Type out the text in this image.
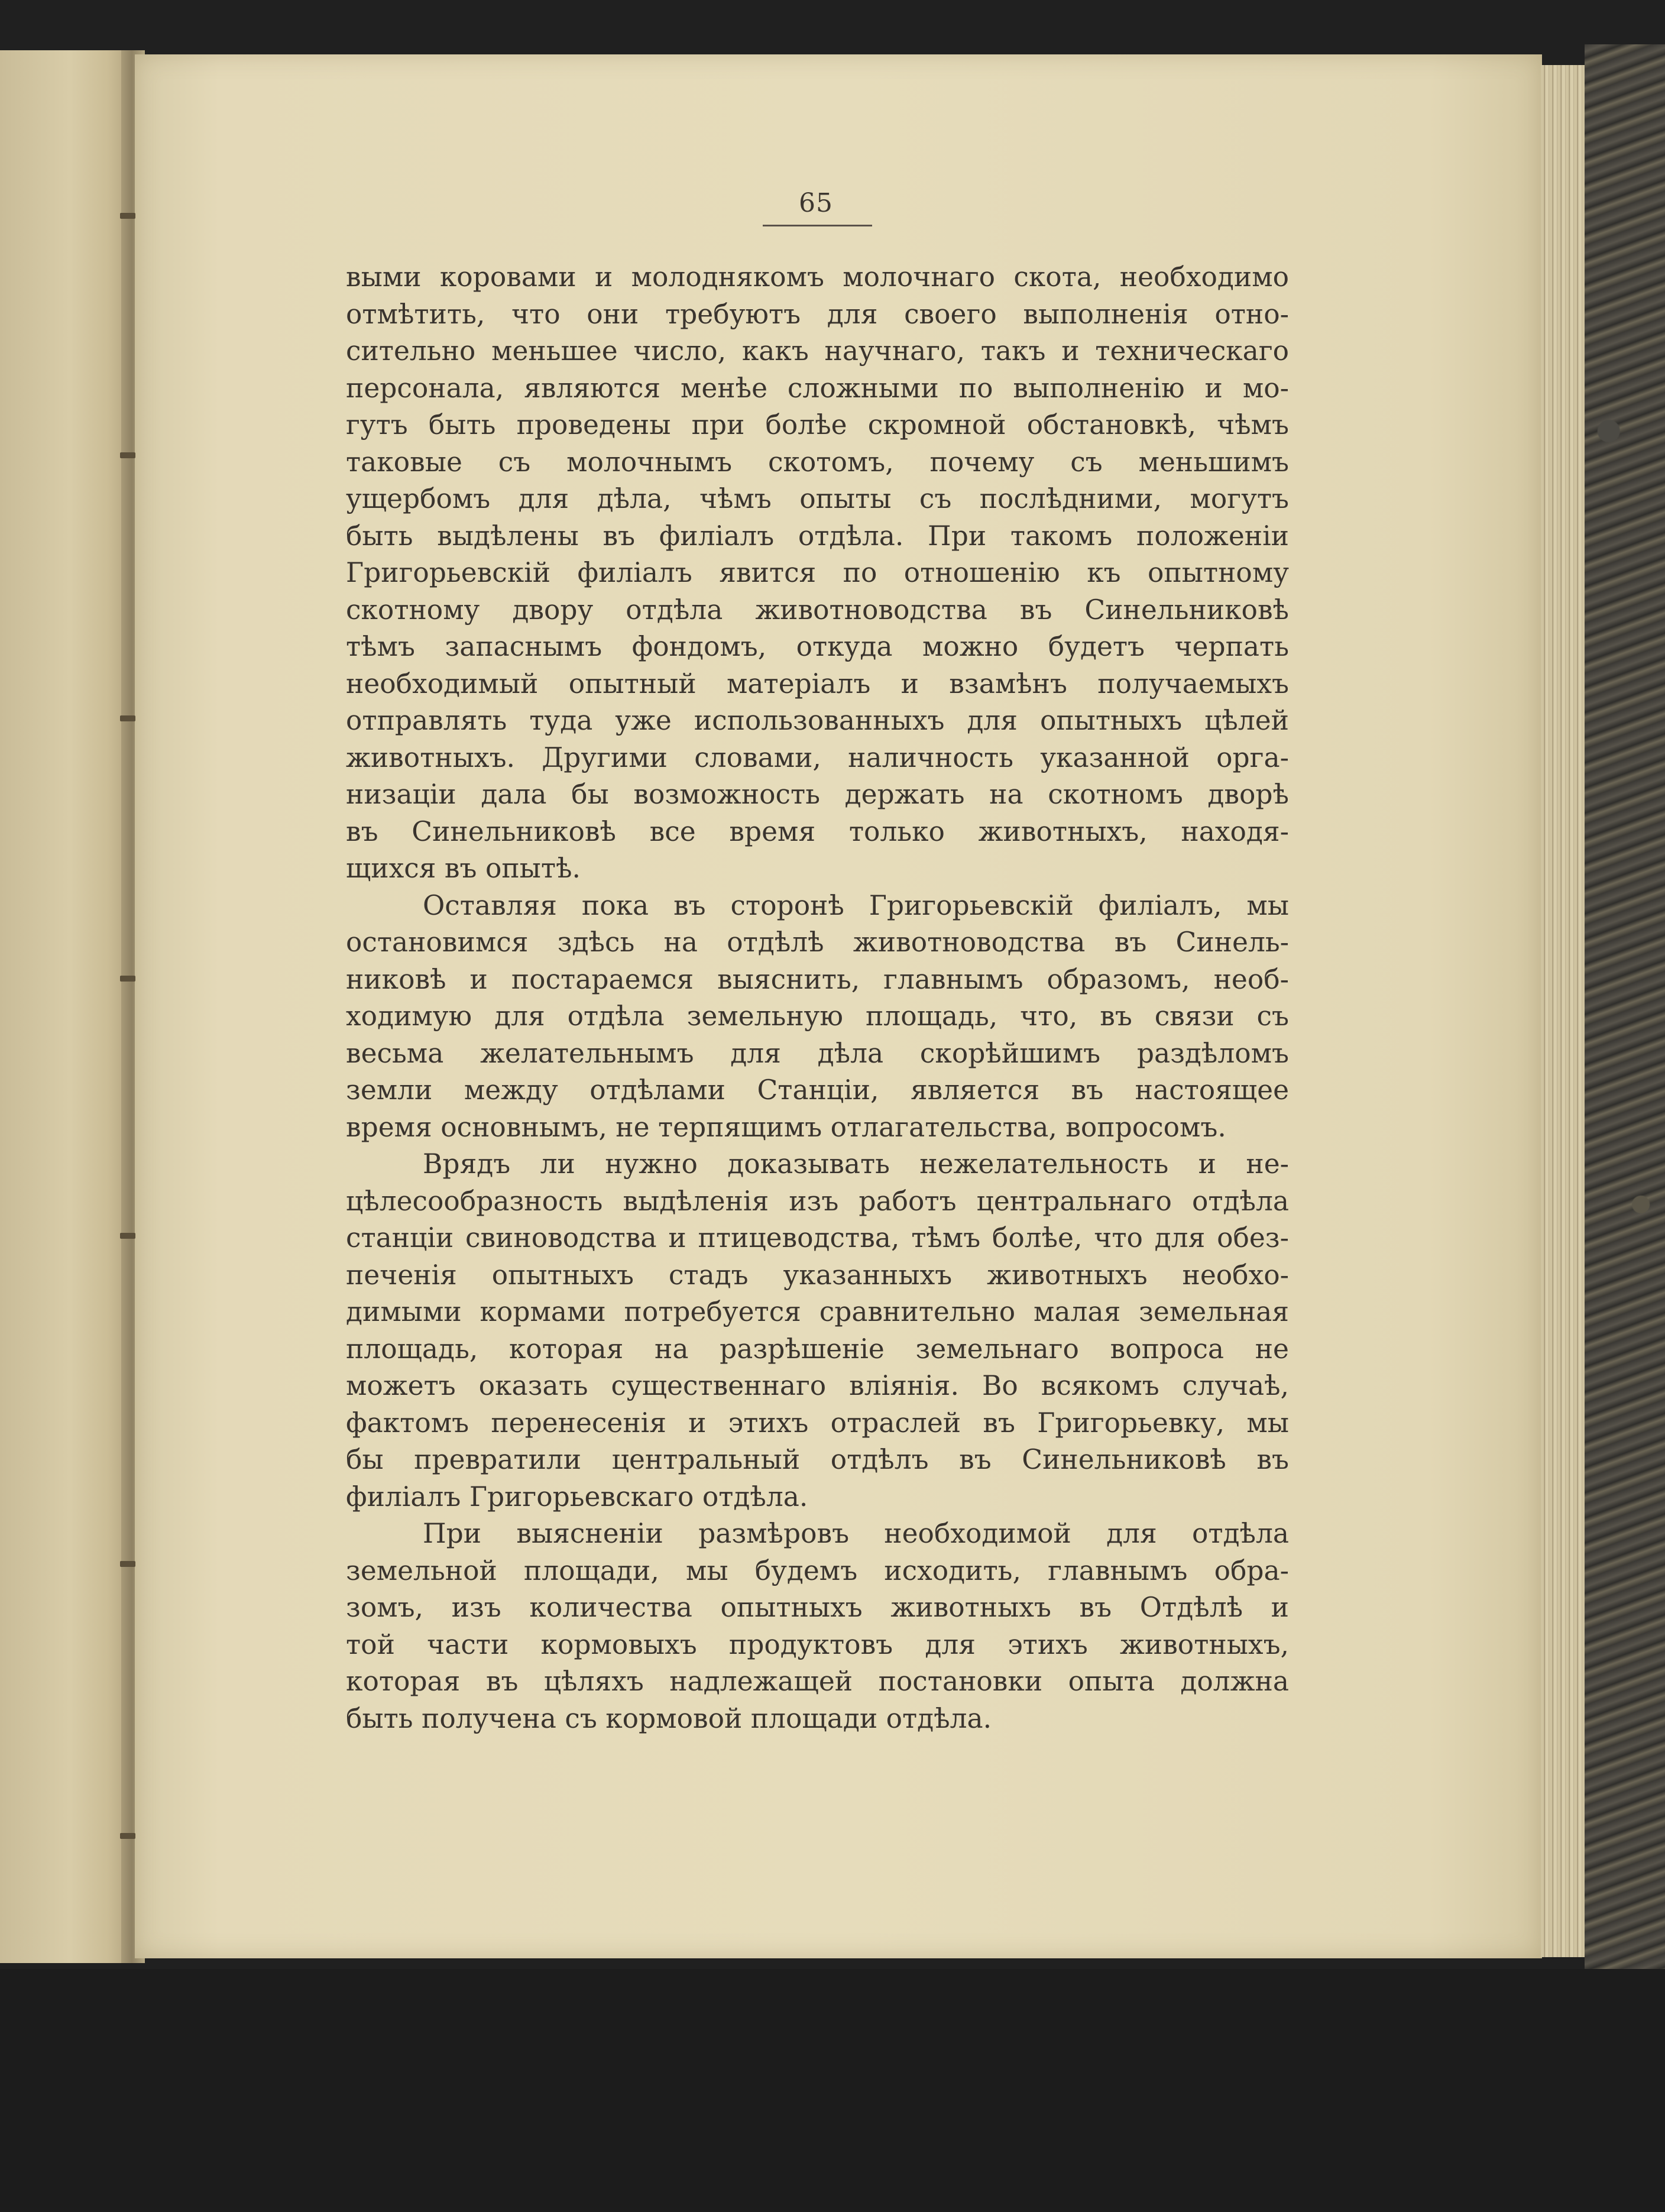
65
выми коровами и молоднякомъ молочнаго скота, необходимо
отмѣтить, что они требуютъ для своего выполненія отно-
сительно меньшее число, какъ научнаго, такъ и техническаго
персонала, являются менѣе сложными по выполненію и мо-
гутъ быть проведены при болѣе скромной обстановкѣ, чѣмъ
таковые съ молочнымъ скотомъ, почему съ меньшимъ
ущербомъ для дѣла, чѣмъ опыты съ послѣдними, могутъ
быть выдѣлены въ филіалъ отдѣла. При такомъ положеніи
Григорьевскій филіалъ явится по отношенію къ опытному
скотному двору отдѣла животноводства въ Синельниковѣ
тѣмъ запаснымъ фондомъ, откуда можно будетъ черпать
необходимый опытный матеріалъ и взамѣнъ получаемыхъ
отправлять туда уже использованныхъ для опытныхъ цѣлей
животныхъ. Другими словами, наличность указанной орга-
низаціи дала бы возможность держать на скотномъ дворѣ
въ Синельниковѣ все время только животныхъ, находя-
щихся въ опытѣ.
Оставляя пока въ сторонѣ Григорьевскій филіалъ, мы
остановимся здѣсь на отдѣлѣ животноводства въ Синель-
никовѣ и постараемся выяснить, главнымъ образомъ, необ-
ходимую для отдѣла земельную площадь, что, въ связи съ
весьма желательнымъ для дѣла скорѣйшимъ раздѣломъ
земли между отдѣлами Станціи, является въ настоящее
время основнымъ, не терпящимъ отлагательства, вопросомъ.
Врядъ ли нужно доказывать нежелательность и не-
цѣлесообразность выдѣленія изъ работъ центральнаго отдѣла
станціи свиноводства и птицеводства, тѣмъ болѣе, что для обез-
печенія опытныхъ стадъ указанныхъ животныхъ необхо-
димыми кормами потребуется сравнительно малая земельная
площадь, которая на разрѣшеніе земельнаго вопроса не
можетъ оказать существеннаго вліянія. Во всякомъ случаѣ,
фактомъ перенесенія и этихъ отраслей въ Григорьевку, мы
бы превратили центральный отдѣлъ въ Синельниковѣ въ
филіалъ Григорьевскаго отдѣла.
При выясненіи размѣровъ необходимой для отдѣла
земельной площади, мы будемъ исходить, главнымъ обра-
зомъ, изъ количества опытныхъ животныхъ въ Отдѣлѣ и
той части кормовыхъ продуктовъ для этихъ животныхъ,
которая въ цѣляхъ надлежащей постановки опыта должна
быть получена съ кормовой площади отдѣла.
